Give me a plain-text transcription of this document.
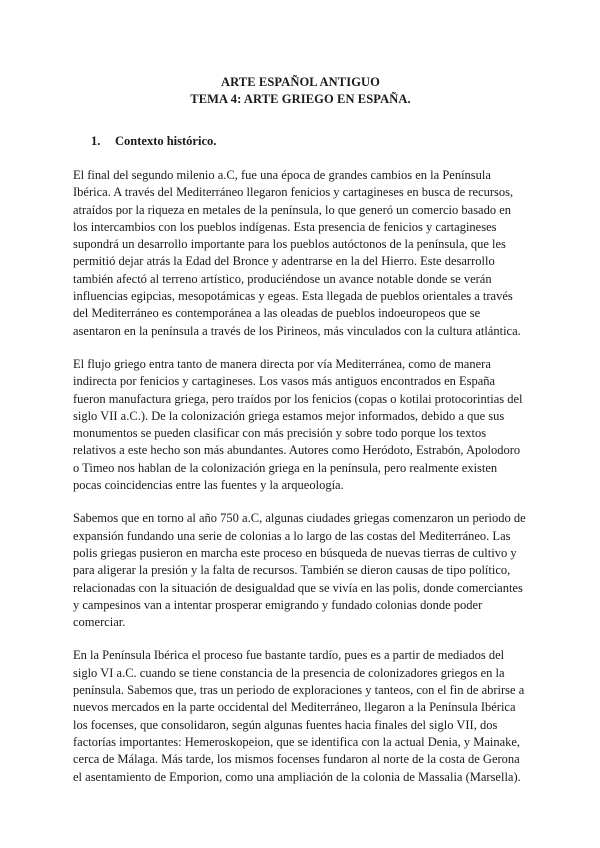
ARTE ESPAÑOL ANTIGUO

TEMA 4: ARTE GRIEGO EN ESPAÑA.

1. Contexto histórico.

El final del segundo milenio a.C, fue una época de grandes cambios en la Península Ibérica. A través del Mediterráneo llegaron fenicios y cartagineses en busca de recursos, atraídos por la riqueza en metales de la península, lo que generó un comercio basado en los intercambios con los pueblos indígenas. Esta presencia de fenicios y cartagineses supondrá un desarrollo importante para los pueblos autóctonos de la península, que les permitió dejar atrás la Edad del Bronce y adentrarse en la del Hierro. Este desarrollo también afectó al terreno artístico, produciéndose un avance notable donde se verán influencias egipcias, mesopotámicas y egeas. Esta llegada de pueblos orientales a través del Mediterráneo es contemporánea a las oleadas de pueblos indoeuropeos que se asentaron en la península a través de los Pirineos, más vinculados con la cultura atlántica.

El flujo griego entra tanto de manera directa por vía Mediterránea, como de manera indirecta por fenicios y cartagineses. Los vasos más antiguos encontrados en España fueron manufactura griega, pero traídos por los fenicios (copas o kotilai protocorintias del siglo VII a.C.). De la colonización griega estamos mejor informados, debido a que sus monumentos se pueden clasificar con más precisión y sobre todo porque los textos relativos a este hecho son más abundantes. Autores como Heródoto, Estrabón, Apolodoro o Timeo nos hablan de la colonización griega en la península, pero realmente existen pocas coincidencias entre las fuentes y la arqueología.

Sabemos que en torno al año 750 a.C, algunas ciudades griegas comenzaron un periodo de expansión fundando una serie de colonias a lo largo de las costas del Mediterráneo. Las polis griegas pusieron en marcha este proceso en búsqueda de nuevas tierras de cultivo y para aligerar la presión y la falta de recursos. También se dieron causas de tipo político, relacionadas con la situación de desigualdad que se vivía en las polis, donde comerciantes y campesinos van a intentar prosperar emigrando y fundado colonias donde poder comerciar.

En la Península Ibérica el proceso fue bastante tardío, pues es a partir de mediados del siglo VI a.C. cuando se tiene constancia de la presencia de colonizadores griegos en la península. Sabemos que, tras un periodo de exploraciones y tanteos, con el fin de abrirse a nuevos mercados en la parte occidental del Mediterráneo, llegaron a la Península Ibérica los focenses, que consolidaron, según algunas fuentes hacia finales del siglo VII, dos factorías importantes: Hemeroskopeion, que se identifica con la actual Denia, y Mainake, cerca de Málaga. Más tarde, los mismos focenses fundaron al norte de la costa de Gerona el asentamiento de Emporion, como una ampliación de la colonia de Massalia (Marsella).
